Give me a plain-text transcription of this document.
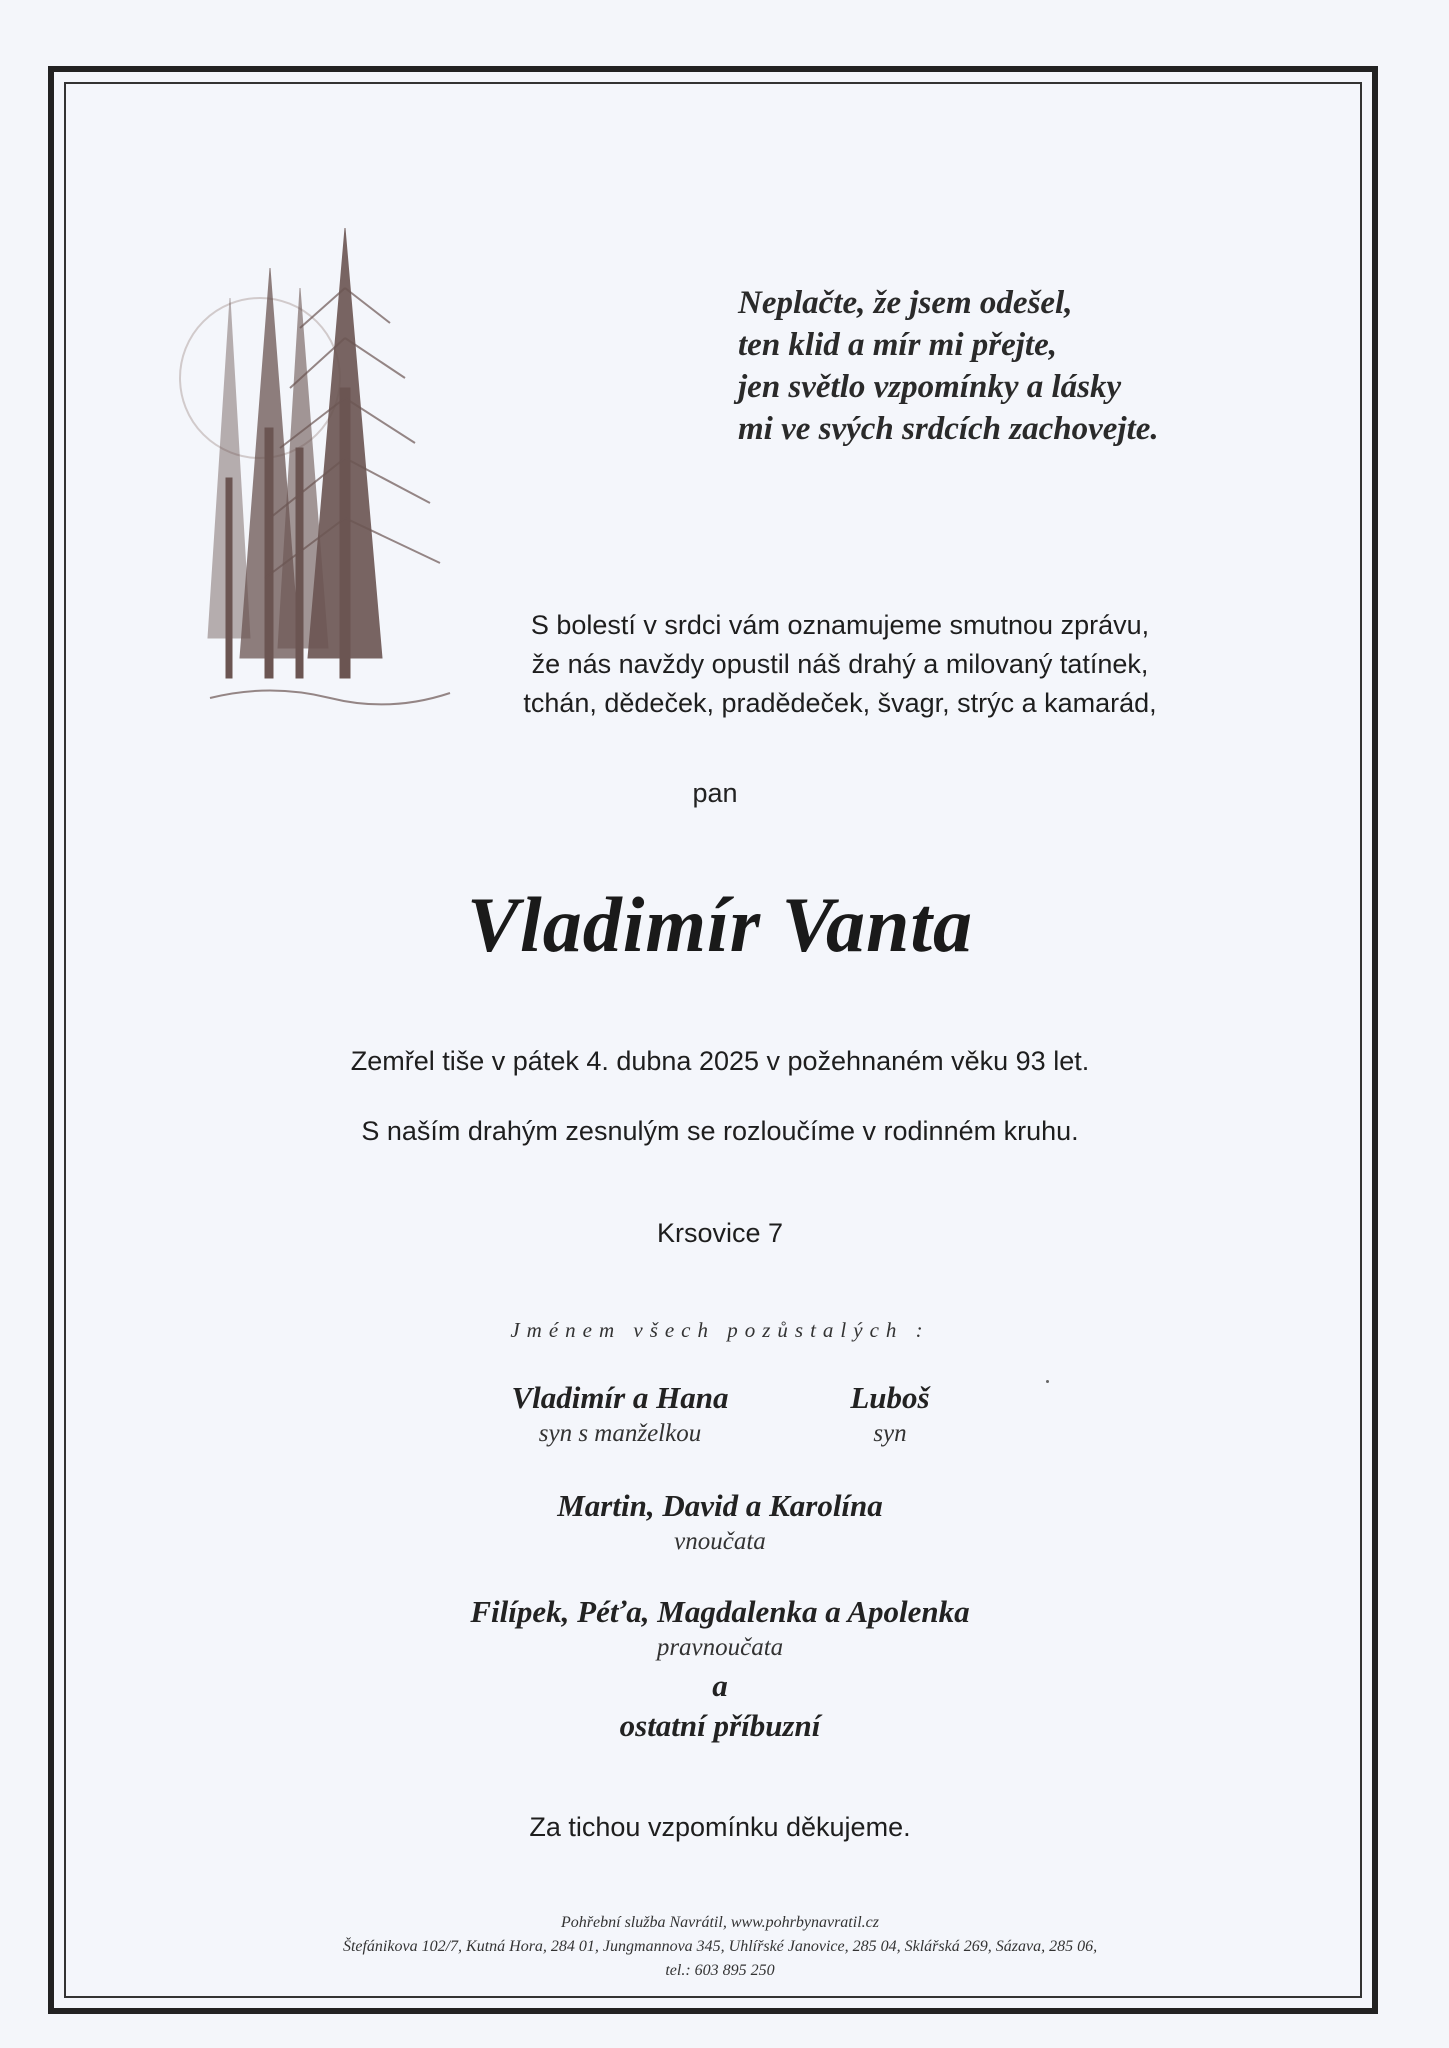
Neplačte, že jsem odešel,
ten klid a mír mi přejte,
jen světlo vzpomínky a lásky
mi ve svých srdcích zachovejte.
S bolestí v srdci vám oznamujeme smutnou zprávu,
že nás navždy opustil náš drahý a milovaný tatínek,
tchán, dědeček, pradědeček, švagr, strýc a kamarád,
pan
Vladimír Vanta
Zemřel tiše v pátek 4. dubna 2025 v požehnaném věku 93 let.
S naším drahým zesnulým se rozloučíme v rodinném kruhu.
Krsovice 7
Jménem všech pozůstalých :
Vladimír a Hana
syn s manželkou
Luboš
syn
Martin, David a Karolína
vnoučata
Filípek, Péťa, Magdalenka a Apolenka
pravnoučata
a
ostatní příbuzní
Za tichou vzpomínku děkujeme.
Pohřební služba Navrátil, www.pohrbynavratil.cz
Štefánikova 102/7, Kutná Hora, 284 01, Jungmannova 345, Uhlířské Janovice, 285 04, Sklářská 269, Sázava, 285 06,
tel.: 603 895 250
